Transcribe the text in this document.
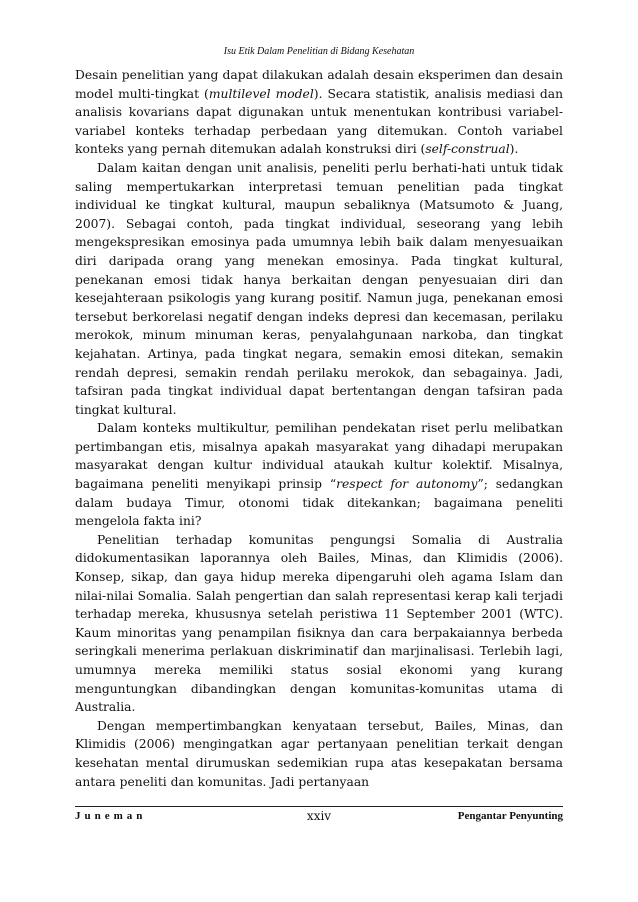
Isu Etik Dalam Penelitian di Bidang Kesehatan

Desain penelitian yang dapat dilakukan adalah desain eksperimen dan desain model multi-tingkat (multilevel model). Secara statistik, analisis mediasi dan analisis kovarians dapat digunakan untuk menentukan kontribusi variabel-variabel konteks terhadap perbedaan yang ditemukan. Contoh variabel konteks yang pernah ditemukan adalah konstruksi diri (self-construal).

Dalam kaitan dengan unit analisis, peneliti perlu berhati-hati untuk tidak saling mempertukarkan interpretasi temuan penelitian pada tingkat individual ke tingkat kultural, maupun sebaliknya (Matsumoto & Juang, 2007). Sebagai contoh, pada tingkat individual, seseorang yang lebih mengekspresikan emosinya pada umumnya lebih baik dalam menyesuaikan diri daripada orang yang menekan emosinya. Pada tingkat kultural, penekanan emosi tidak hanya berkaitan dengan penyesuaian diri dan kesejahteraan psikologis yang kurang positif. Namun juga, penekanan emosi tersebut berkorelasi negatif dengan indeks depresi dan kecemasan, perilaku merokok, minum minuman keras, penyalahgunaan narkoba, dan tingkat kejahatan. Artinya, pada tingkat negara, semakin emosi ditekan, semakin rendah depresi, semakin rendah perilaku merokok, dan sebagainya. Jadi, tafsiran pada tingkat individual dapat bertentangan dengan tafsiran pada tingkat kultural.

Dalam konteks multikultur, pemilihan pendekatan riset perlu melibatkan pertimbangan etis, misalnya apakah masyarakat yang dihadapi merupakan masyarakat dengan kultur individual ataukah kultur kolektif. Misalnya, bagaimana peneliti menyikapi prinsip “respect for autonomy”; sedangkan dalam budaya Timur, otonomi tidak ditekankan; bagaimana peneliti mengelola fakta ini?

Penelitian terhadap komunitas pengungsi Somalia di Australia didokumentasikan laporannya oleh Bailes, Minas, dan Klimidis (2006). Konsep, sikap, dan gaya hidup mereka dipengaruhi oleh agama Islam dan nilai-nilai Somalia. Salah pengertian dan salah representasi kerap kali terjadi terhadap mereka, khususnya setelah peristiwa 11 September 2001 (WTC). Kaum minoritas yang penampilan fisiknya dan cara berpakaiannya berbeda seringkali menerima perlakuan diskriminatif dan marjinalisasi. Terlebih lagi, umumnya mereka memiliki status sosial ekonomi yang kurang menguntungkan dibandingkan dengan komunitas-komunitas utama di Australia.

Dengan mempertimbangkan kenyataan tersebut, Bailes, Minas, dan Klimidis (2006) mengingatkan agar pertanyaan penelitian terkait dengan kesehatan mental dirumuskan sedemikian rupa atas kesepakatan bersama antara peneliti dan komunitas. Jadi pertanyaan

Juneman	xxiv	Pengantar Penyunting
